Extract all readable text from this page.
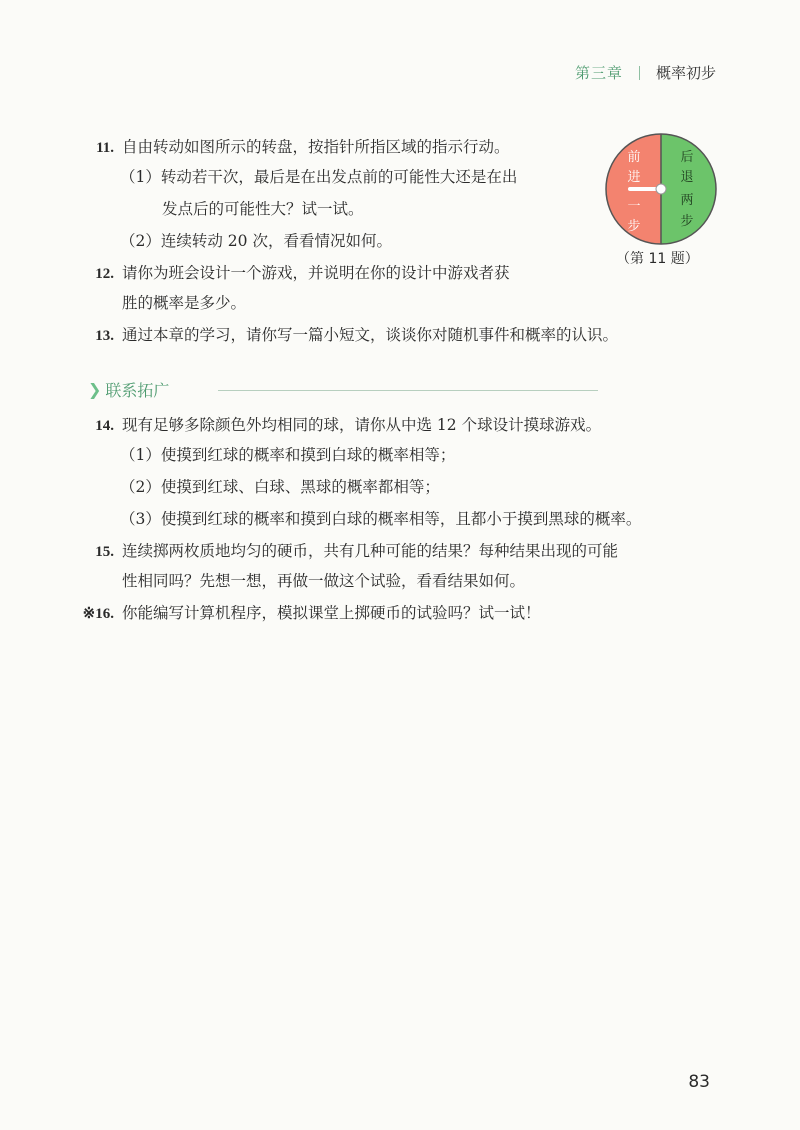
第三章 概率初步
11. 自由转动如图所示的转盘，按指针所指区域的指示行动。
（1）转动若干次，最后是在出发点前的可能性大还是在出
发点后的可能性大？试一试。
（2）连续转动 20 次，看看情况如何。
前
进
一
步
后
退
两
步
（第 11 题）
12. 请你为班会设计一个游戏，并说明在你的设计中游戏者获
胜的概率是多少。
13. 通过本章的学习，请你写一篇小短文，谈谈你对随机事件和概率的认识。
❯ 联系拓广
14. 现有足够多除颜色外均相同的球，请你从中选 12 个球设计摸球游戏。
（1）使摸到红球的概率和摸到白球的概率相等；
（2）使摸到红球、白球、黑球的概率都相等；
（3）使摸到红球的概率和摸到白球的概率相等，且都小于摸到黑球的概率。
15. 连续掷两枚质地均匀的硬币，共有几种可能的结果？每种结果出现的可能
性相同吗？先想一想，再做一做这个试验，看看结果如何。
※16. 你能编写计算机程序，模拟课堂上掷硬币的试验吗？试一试！
83
